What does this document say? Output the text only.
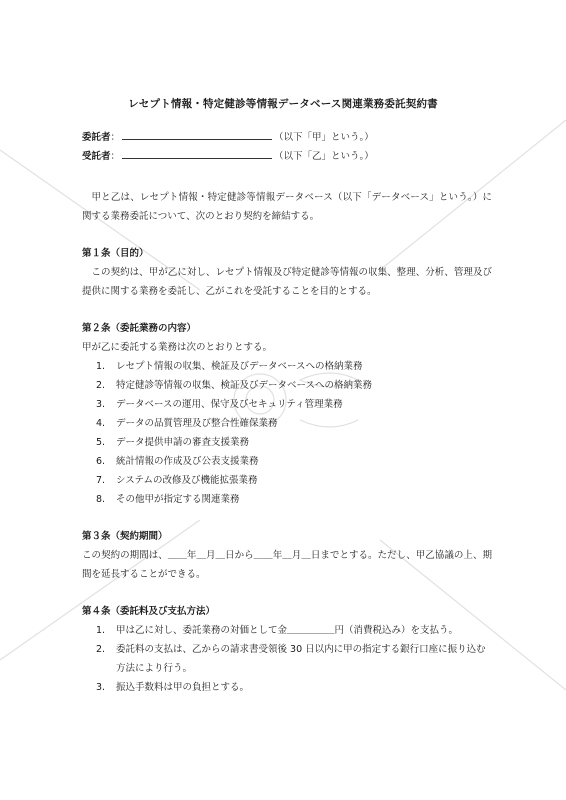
レセプト情報・特定健診等情報データベース関連業務委託契約書
委託者 ：	（以下「甲」という。）
受託者 ：	（以下「乙」という。）

甲と乙は、レセプト情報・特定健診等情報データベース（以下「データベース」という。）に関する業務委託について、次のとおり契約を締結する。

第１条（目的）

この契約は、甲が乙に対し、レセプト情報及び特定健診等情報の収集、整理、分析、管理及び提供に関する業務を委託し、乙がこれを受託することを目的とする。

第２条（委託業務の内容）

甲が乙に委託する業務は次のとおりとする。

1.	レセプト情報の収集、検証及びデータベースへの格納業務
2.	特定健診等情報の収集、検証及びデータベースへの格納業務
3.	データベースの運用、保守及びセキュリティ管理業務
4.	データの品質管理及び整合性確保業務
5.	データ提供申請の審査支援業務
6.	統計情報の作成及び公表支援業務
7.	システムの改修及び機能拡張業務
8.	その他甲が指定する関連業務

第３条（契約期間）

この契約の期間は、＿＿年＿月＿日から＿＿年＿月＿日までとする。ただし、甲乙協議の上、期間を延長することができる。

第４条（委託料及び支払方法）

1.	甲は乙に対し、委託業務の対価として金＿＿＿＿＿円（消費税込み）を支払う。
2.	委託料の支払は、乙からの請求書受領後 30 日以内に甲の指定する銀行口座に振り込む方法により行う。
3.	振込手数料は甲の負担とする。
